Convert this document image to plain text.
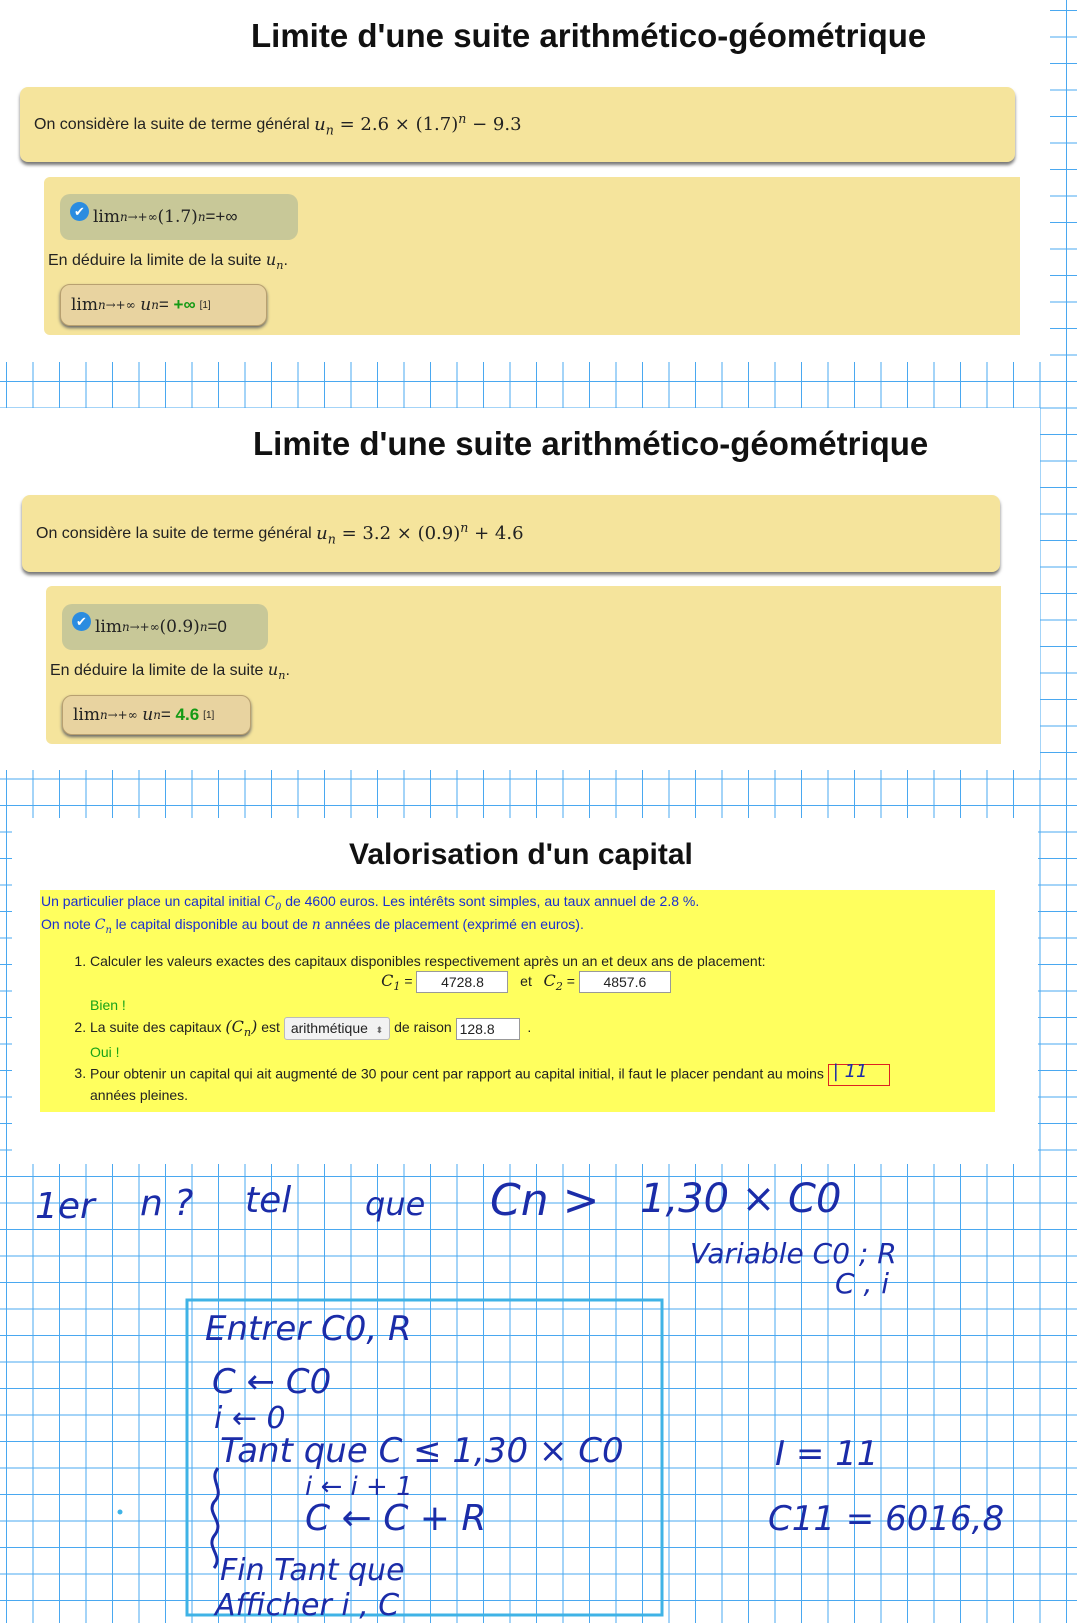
Limite d'une suite arithmético-géométrique
On considère la suite de terme général
$u_n = 2.6 \times (1.7)^n - 9.3$
✔ lim n→+∞ (1.7) n =+∞
En déduire la limite de la suite $u_n$.
lim n→+∞
u n =
+∞ [1]
Limite d'une suite arithmético-géométrique
On considère la suite de terme général
$u_n = 3.2 \times (0.9)^n + 4.6$
✔ lim n→+∞ (0.9) n =0
En déduire la limite de la suite $u_n$.
lim n→+∞
u n =
4.6 [1]
Valorisation d'un capital

Un particulier place un capital initial $C_0$ de 4600 euros. Les intérêts sont simples, au taux annuel de 2.8 %.

On note $C_n$ le capital disponible au bout de n années de placement (exprimé en euros).

1. Calculer les valeurs exactes des capitaux disponibles respectivement après un an et deux ans de placement:
$C_1 = 4728.8$	et $C_2 = 4857.6$
Bien !
2. La suite des capitaux $(C_n)$ est arithmétique ⬍ de raison 128.8 .
Oui !
3. Pour obtenir un capital qui ait augmenté de 30 pour cent par rapport au capital initial, il faut le placer pendant au moins | 11

années pleines.
1er n ? tel que Cn > 1,30 × C0
Variable C0 ; R
C , i
Entrer C0, R
C ← C0
i ← 0
Tant que C ≤ 1,30 × C0
i ← i + 1
C ← C + R
Fin Tant que
Afficher i , C
I = 11
C11 = 6016,8
